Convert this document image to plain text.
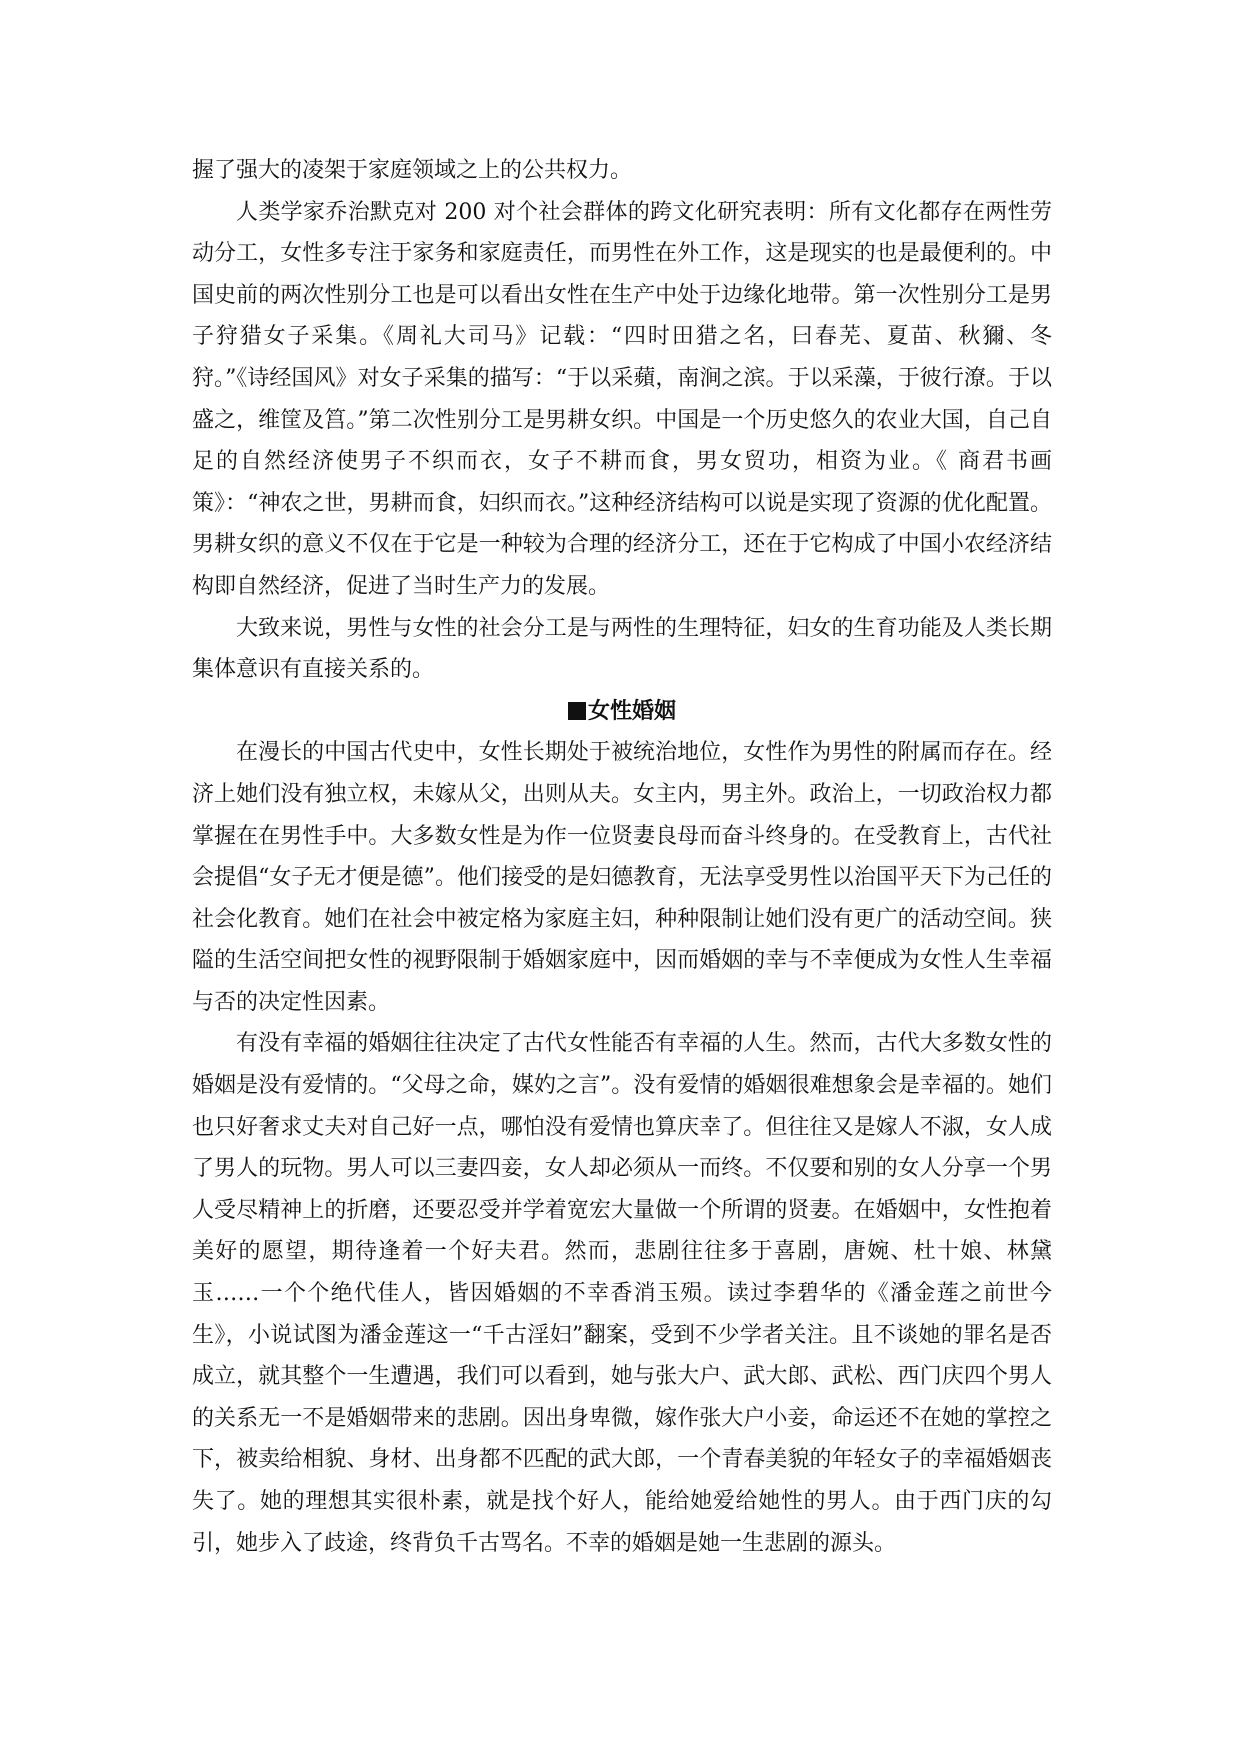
握了强大的凌架于家庭领域之上的公共权力。

人类学家乔治默克对 200 对个社会群体的跨文化研究表明：所有文化都存在两性劳动分工，女性多专注于家务和家庭责任，而男性在外工作，这是现实的也是最便利的。中国史前的两次性别分工也是可以看出女性在生产中处于边缘化地带。第一次性别分工是男子狩猎女子采集。《周礼大司马》记载：“四时田猎之名，曰春芜、夏苗、秋獮、冬狩。”《诗经国风》对女子采集的描写：“于以采蘋，南涧之滨。于以采藻，于彼行潦。于以盛之，维筐及筥。”第二次性别分工是男耕女织。中国是一个历史悠久的农业大国，自己自足的自然经济使男子不织而衣，女子不耕而食，男女贸功，相资为业。《 商君书画策》：“神农之世，男耕而食，妇织而衣。”这种经济结构可以说是实现了资源的优化配置。男耕女织的意义不仅在于它是一种较为合理的经济分工，还在于它构成了中国小农经济结构即自然经济，促进了当时生产力的发展。

大致来说，男性与女性的社会分工是与两性的生理特征，妇女的生育功能及人类长期集体意识有直接关系的。

女性婚姻

在漫长的中国古代史中，女性长期处于被统治地位，女性作为男性的附属而存在。经济上她们没有独立权，未嫁从父，出则从夫。女主内，男主外。政治上，一切政治权力都掌握在在男性手中。大多数女性是为作一位贤妻良母而奋斗终身的。在受教育上，古代社会提倡“女子无才便是德”。他们接受的是妇德教育，无法享受男性以治国平天下为己任的社会化教育。她们在社会中被定格为家庭主妇，种种限制让她们没有更广的活动空间。狭隘的生活空间把女性的视野限制于婚姻家庭中，因而婚姻的幸与不幸便成为女性人生幸福与否的决定性因素。

有没有幸福的婚姻往往决定了古代女性能否有幸福的人生。然而，古代大多数女性的婚姻是没有爱情的。“父母之命，媒妁之言”。没有爱情的婚姻很难想象会是幸福的。她们也只好奢求丈夫对自己好一点，哪怕没有爱情也算庆幸了。但往往又是嫁人不淑，女人成了男人的玩物。男人可以三妻四妾，女人却必须从一而终。不仅要和别的女人分享一个男人受尽精神上的折磨，还要忍受并学着宽宏大量做一个所谓的贤妻。在婚姻中，女性抱着美好的愿望，期待逢着一个好夫君。然而，悲剧往往多于喜剧，唐婉、杜十娘、林黛玉……一个个绝代佳人，皆因婚姻的不幸香消玉殒。读过李碧华的《潘金莲之前世今生》，小说试图为潘金莲这一“千古淫妇”翻案，受到不少学者关注。且不谈她的罪名是否成立，就其整个一生遭遇，我们可以看到，她与张大户、武大郎、武松、西门庆四个男人的关系无一不是婚姻带来的悲剧。因出身卑微，嫁作张大户小妾，命运还不在她的掌控之下，被卖给相貌、身材、出身都不匹配的武大郎，一个青春美貌的年轻女子的幸福婚姻丧失了。她的理想其实很朴素，就是找个好人，能给她爱给她性的男人。由于西门庆的勾引，她步入了歧途，终背负千古骂名。不幸的婚姻是她一生悲剧的源头。
